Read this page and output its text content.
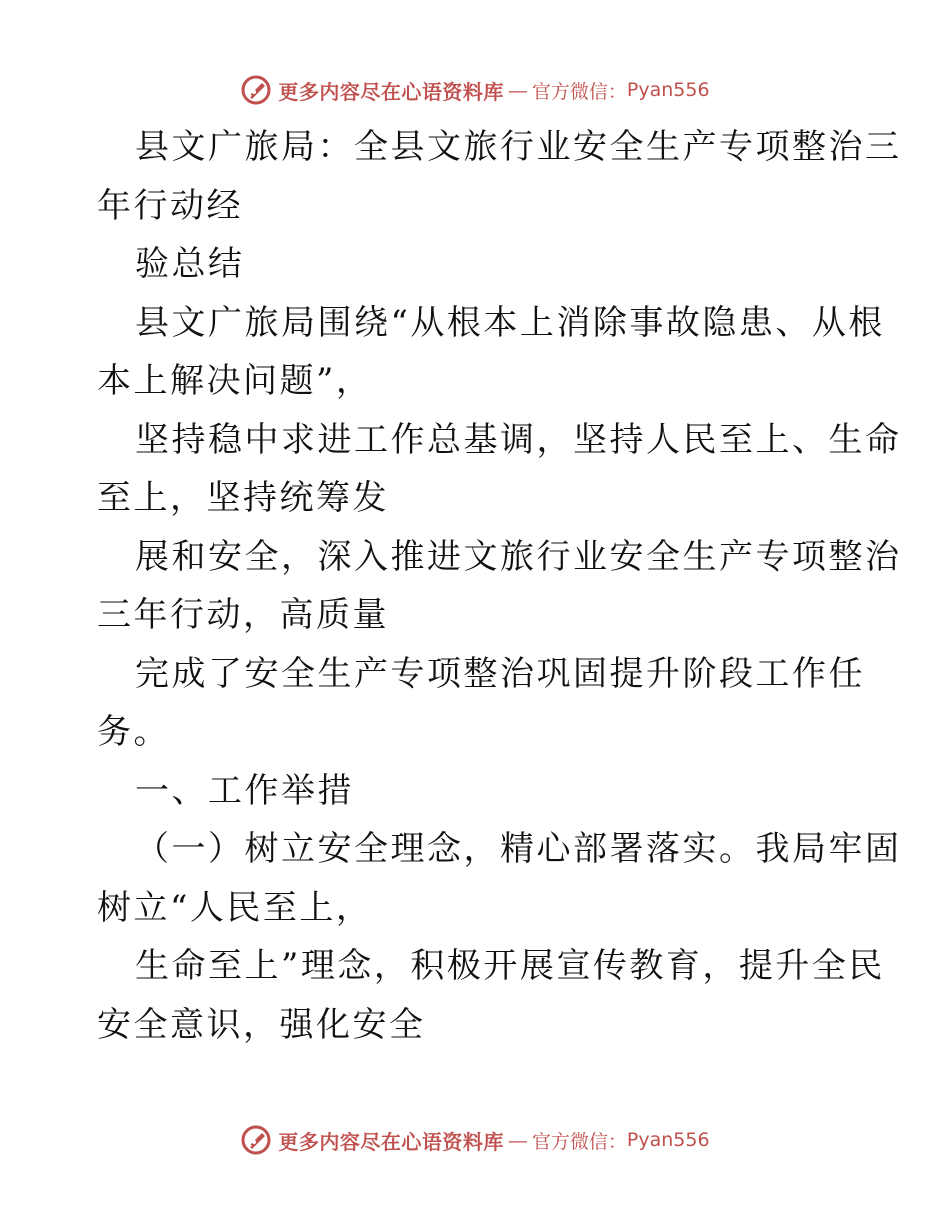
更多内容尽在心语资料库 — 官方微信： Pyan556
县文广旅局：全县文旅行业安全生产专项整治三
年行动经
验总结
县文广旅局围绕“从根本上消除事故隐患、从根
本上解决问题”，
坚持稳中求进工作总基调，坚持人民至上、生命
至上，坚持统筹发
展和安全，深入推进文旅行业安全生产专项整治
三年行动，高质量
完成了安全生产专项整治巩固提升阶段工作任
务。
一、工作举措
（一）树立安全理念，精心部署落实。我局牢固
树立“人民至上，
生命至上”理念，积极开展宣传教育，提升全民
安全意识，强化安全
更多内容尽在心语资料库 — 官方微信： Pyan556
